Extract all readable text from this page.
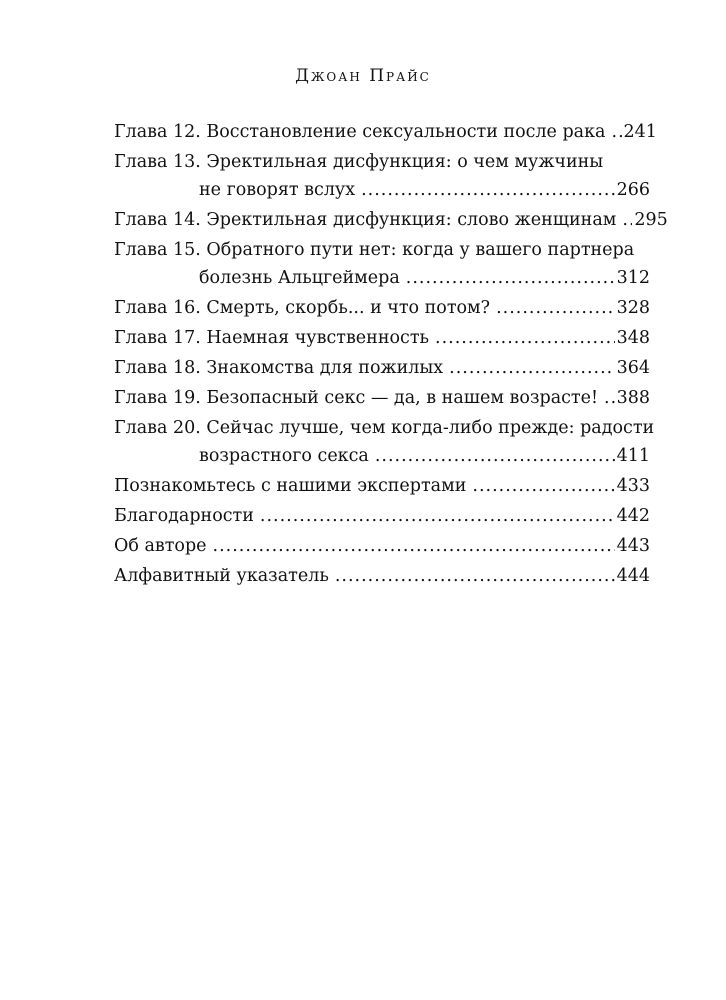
Джоан Прайс
Глава 12. Восстановление сексуальности после рака ..... 241
Глава 13. Эректильная дисфункция: о чем мужчины
не говорят вслух .....	266
Глава 14. Эректильная дисфункция: слово женщинам ..... 295
Глава 15. Обратного пути нет: когда у вашего партнера
болезнь Альцгеймера .....	312
Глава 16. Смерть, скорбь... и что потом? .....	328
Глава 17. Наемная чувственность .....	348
Глава 18. Знакомства для пожилых .....	364
Глава 19. Безопасный секс — да, в нашем возрасте! ..... 388
Глава 20. Сейчас лучше, чем когда-либо прежде: радости
возрастного секса .....	411
Познакомьтесь с нашими экспертами .....	433
Благодарности .....	442
Об авторе .....	443
Алфавитный указатель .....	444
